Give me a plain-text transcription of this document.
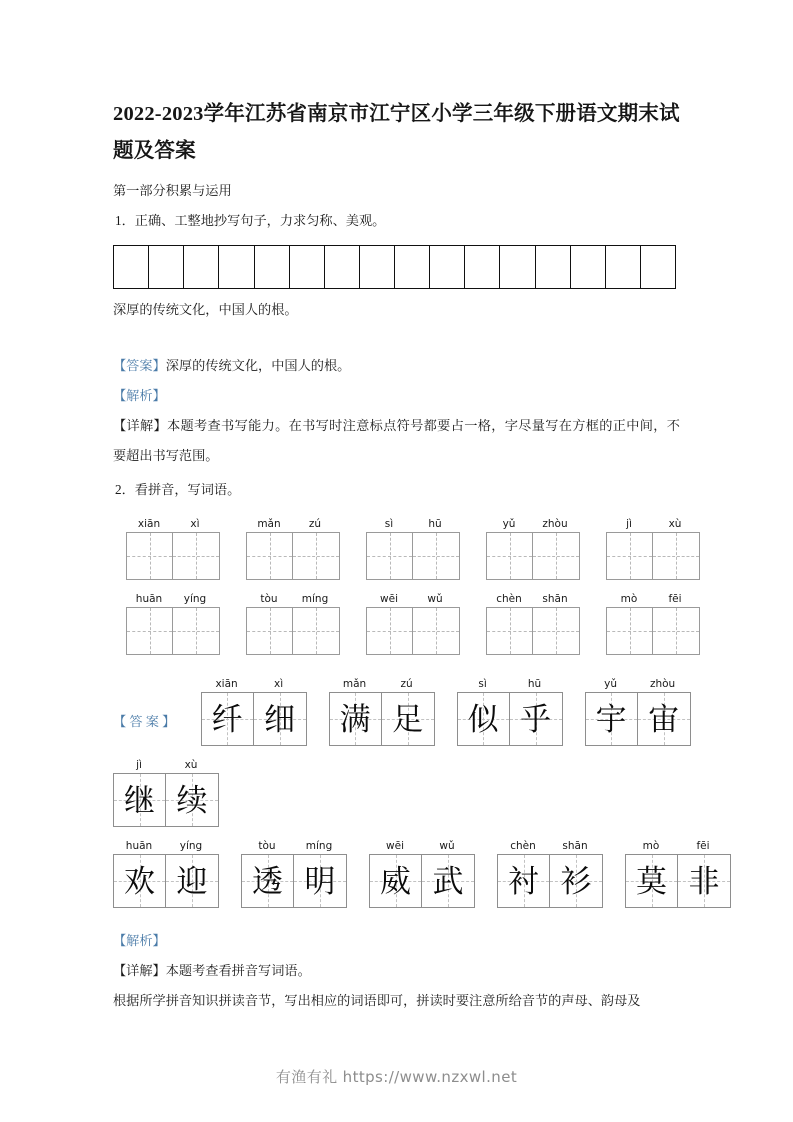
2022-2023学年江苏省南京市江宁区小学三年级下册语文期末试题及答案

第一部分积累与运用

1．正确、工整地抄写句子，力求匀称、美观。

深厚的传统文化，中国人的根。

【答案】深厚的传统文化，中国人的根。

【解析】

【详解】本题考查书写能力。在书写时注意标点符号都要占一格，字尽量写在方框的正中间，不要超出书写范围。

2．看拼音，写词语。

xiān	xì	mǎn	zú	sì	hū	yǔ	zhòu	jì	xù
huān	yíng	tòu	míng	wēi	wǔ	chèn	shān	mò	fēi
【答案】
xiān	xì
纤 细
mǎn	zú
满 足
sì	hū
似 乎
yǔ	zhòu
宇 宙
jì	xù
继 续
huān	yíng
欢 迎
tòu	míng
透 明
wēi	wǔ
威 武
chèn	shān
衬 衫
mò	fēi
莫 非

【解析】

【详解】本题考查看拼音写词语。

根据所学拼音知识拼读音节，写出相应的词语即可，拼读时要注意所给音节的声母、韵母及

有渔有礼 https://www.nzxwl.net
